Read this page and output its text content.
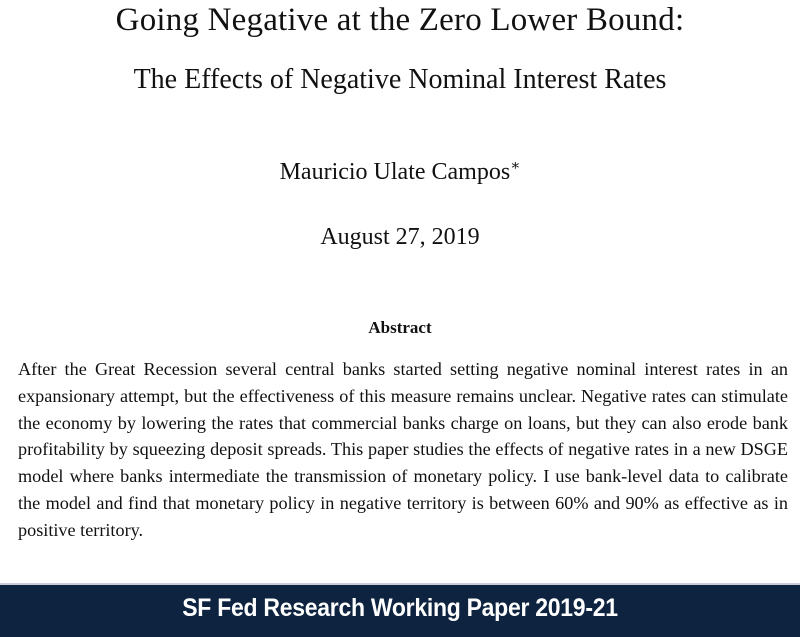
Going Negative at the Zero Lower Bound:
The Effects of Negative Nominal Interest Rates
Mauricio Ulate Campos∗
August 27, 2019
Abstract

After the Great Recession several central banks started setting negative nominal interest rates in an expansionary attempt, but the effectiveness of this measure remains unclear. Negative rates can stimulate the economy by lowering the rates that commercial banks charge on loans, but they can also erode bank profitability by squeezing deposit spreads. This paper studies the effects of negative rates in a new DSGE model where banks intermediate the transmission of monetary policy. I use bank-level data to calibrate the model and find that monetary policy in negative territory is between 60% and 90% as effective as in positive territory.

SF Fed Research Working Paper 2019-21
